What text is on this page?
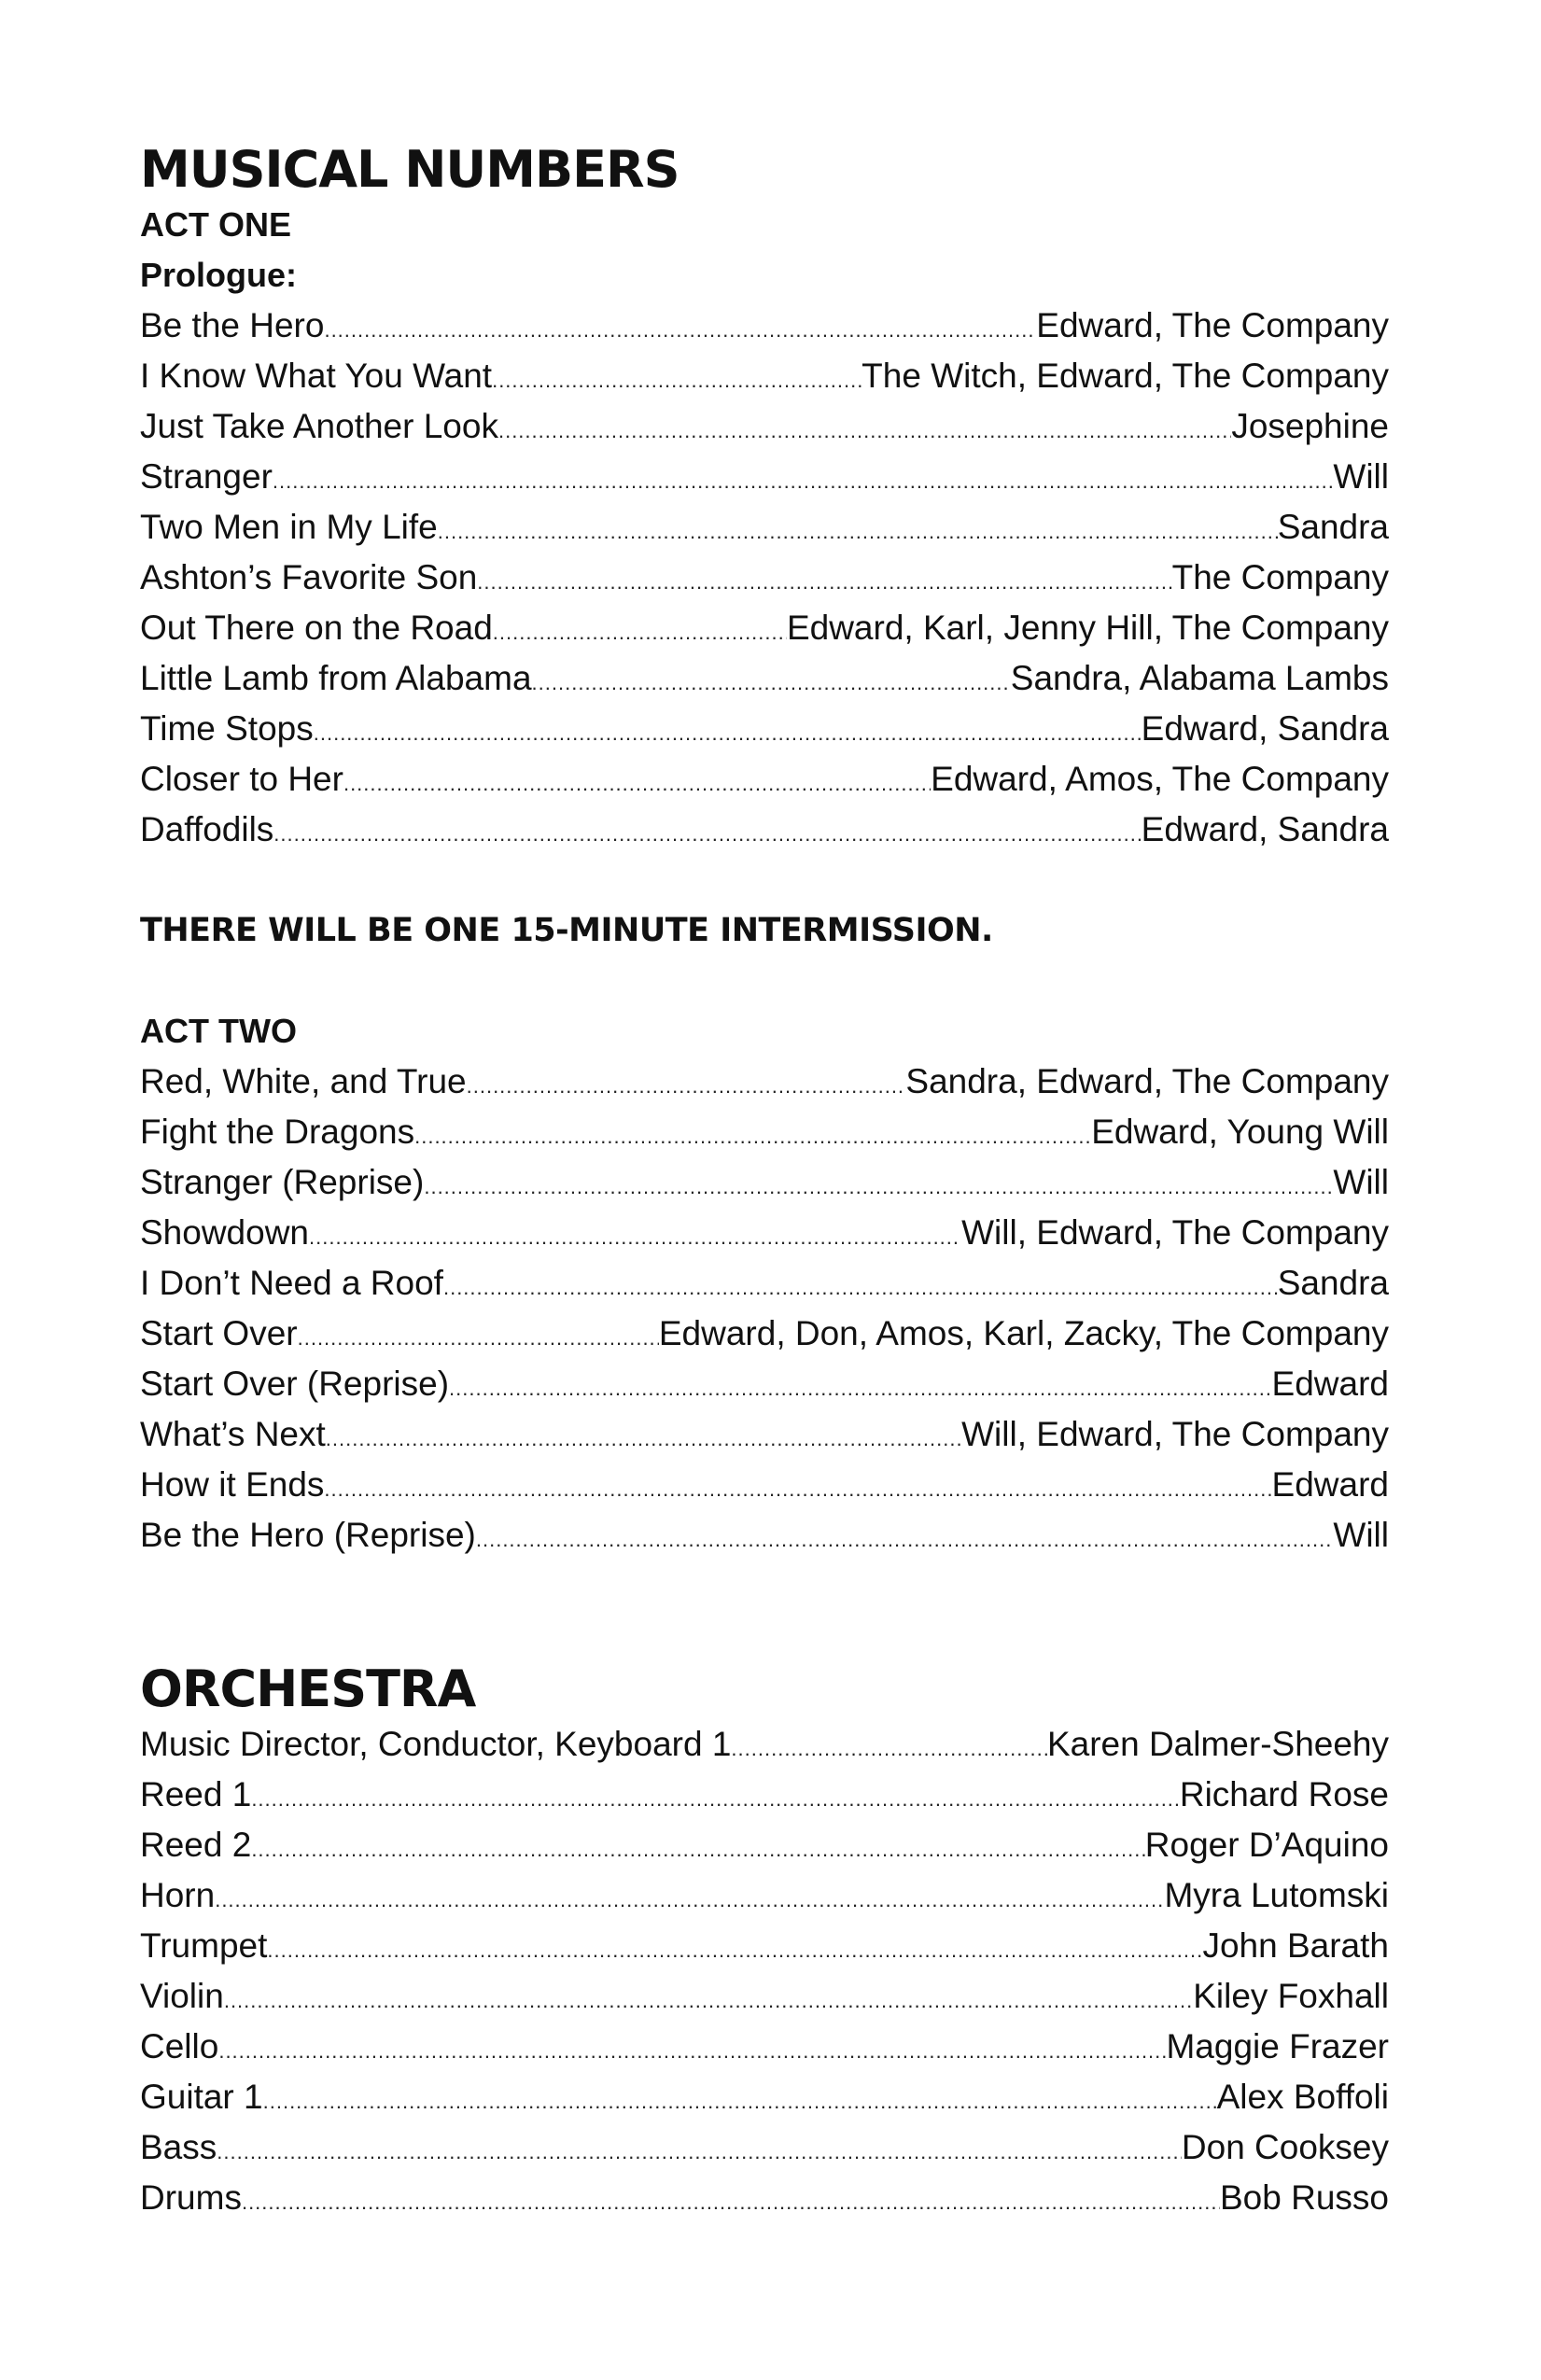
MUSICAL NUMBERS
ACT ONE
Prologue:
Be the Hero .....	Edward, The Company
I Know What You Want .....	The Witch, Edward, The Company
Just Take Another Look .....	Josephine
Stranger .....	Will
Two Men in My Life .....	Sandra
Ashton’s Favorite Son .....	The Company
Out There on the Road .....	Edward, Karl, Jenny Hill, The Company
Little Lamb from Alabama .....	Sandra, Alabama Lambs
Time Stops .....	Edward, Sandra
Closer to Her .....	Edward, Amos, The Company
Daffodils .....	Edward, Sandra
THERE WILL BE ONE 15-MINUTE INTERMISSION.
ACT TWO
Red, White, and True .....	Sandra, Edward, The Company
Fight the Dragons .....	Edward, Young Will
Stranger (Reprise) .....	Will
Showdown .....	Will, Edward, The Company
I Don’t Need a Roof .....	Sandra
Start Over .....	Edward, Don, Amos, Karl, Zacky, The Company
Start Over (Reprise) .....	Edward
What’s Next .....	Will, Edward, The Company
How it Ends .....	Edward
Be the Hero (Reprise) .....	Will
ORCHESTRA
Music Director, Conductor, Keyboard 1 .....	Karen Dalmer-Sheehy
Reed 1 .....	Richard Rose
Reed 2 .....	Roger D’Aquino
Horn .....	Myra Lutomski
Trumpet .....	John Barath
Violin .....	Kiley Foxhall
Cello .....	Maggie Frazer
Guitar 1 .....	Alex Boffoli
Bass .....	Don Cooksey
Drums .....	Bob Russo
